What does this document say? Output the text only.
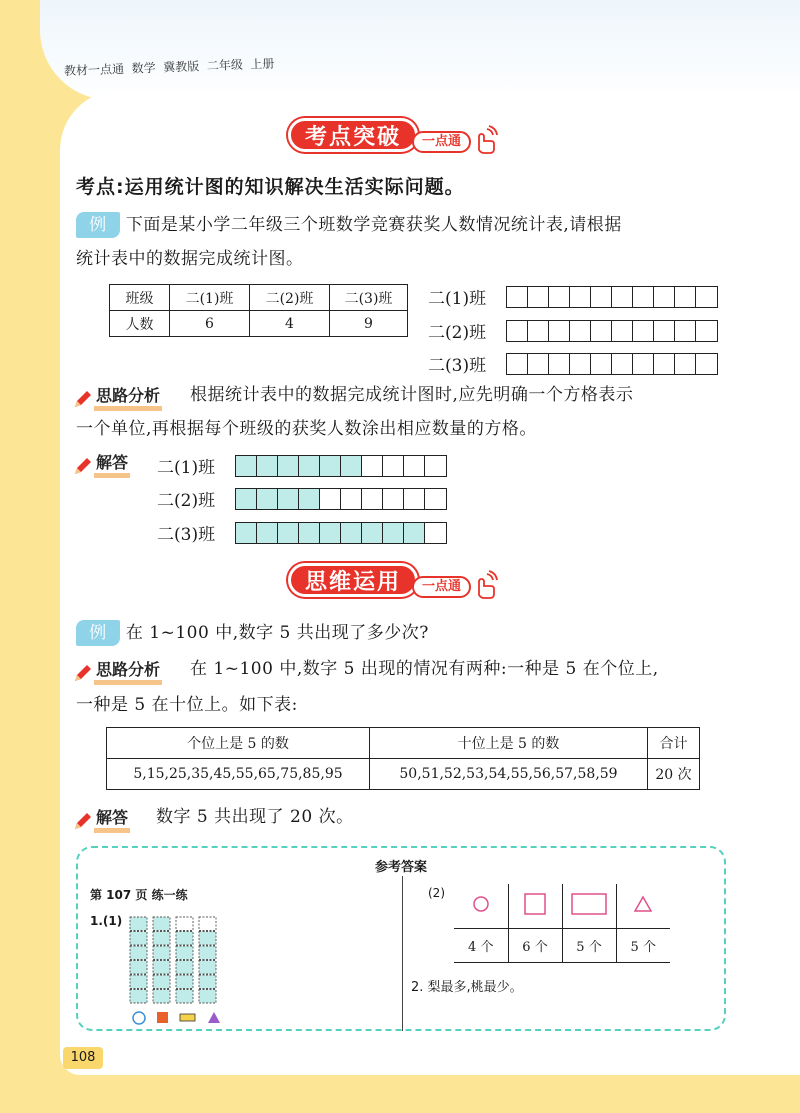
教材一点通  数学  冀教版  二年级  上册
考点突破	一点通
考点:运用统计图的知识解决生活实际问题。
例 下面是某小学二年级三个班数学竞赛获奖人数情况统计表,请根据
统计表中的数据完成统计图。
班级	二(1)班	二(2)班	二(3)班
人数	6	4	9
二(1)班
二(2)班
二(3)班
思路分析 根据统计表中的数据完成统计图时,应先明确一个方格表示
一个单位,再根据每个班级的获奖人数涂出相应数量的方格。
解答 二(1)班
二(2)班
二(3)班
思维运用	一点通
例 在 1~100 中,数字 5 共出现了多少次?
思路分析 在 1~100 中,数字 5 出现的情况有两种:一种是 5 在个位上,
一种是 5 在十位上。如下表:
个位上是 5 的数	十位上是 5 的数	合计
5,15,25,35,45,55,65,75,85,95	50,51,52,53,54,55,56,57,58,59	20 次
解答 数字 5 共出现了 20 次。
参考答案
第 107 页 练一练
1.(1)
(2)

4 个	6 个	5 个	5 个
2. 梨最多,桃最少。
108
